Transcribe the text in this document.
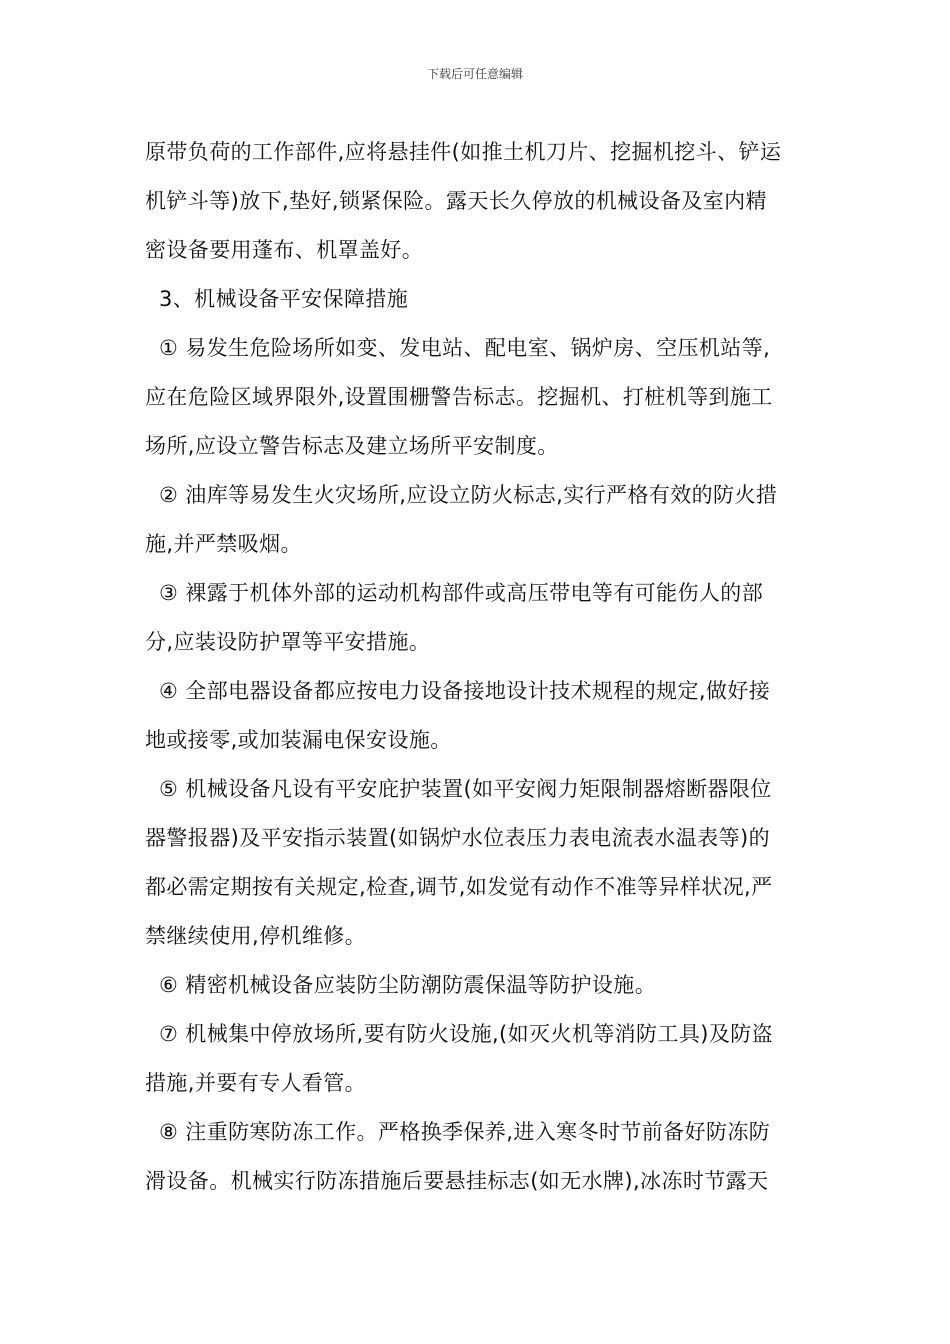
下载后可任意编辑
原带负荷的工作部件,应将悬挂件(如推土机刀片、挖掘机挖斗、铲运
机铲斗等)放下,垫好,锁紧保险。露天长久停放的机械设备及室内精
密设备要用蓬布、机罩盖好。
3、机械设备平安保障措施
① 易发生危险场所如变、发电站、配电室、锅炉房、空压机站等,
应在危险区域界限外,设置围栅警告标志。挖掘机、打桩机等到施工
场所,应设立警告标志及建立场所平安制度。
② 油库等易发生火灾场所,应设立防火标志,实行严格有效的防火措
施,并严禁吸烟。
③ 裸露于机体外部的运动机构部件或高压带电等有可能伤人的部
分,应装设防护罩等平安措施。
④ 全部电器设备都应按电力设备接地设计技术规程的规定,做好接
地或接零,或加装漏电保安设施。
⑤ 机械设备凡设有平安庇护装置(如平安阀力矩限制器熔断器限位
器警报器)及平安指示装置(如锅炉水位表压力表电流表水温表等)的
都必需定期按有关规定,检查,调节,如发觉有动作不准等异样状况,严
禁继续使用,停机维修。
⑥ 精密机械设备应装防尘防潮防震保温等防护设施。
⑦ 机械集中停放场所,要有防火设施,(如灭火机等消防工具)及防盗
措施,并要有专人看管。
⑧ 注重防寒防冻工作。严格换季保养,进入寒冬时节前备好防冻防
滑设备。机械实行防冻措施后要悬挂标志(如无水牌),冰冻时节露天
